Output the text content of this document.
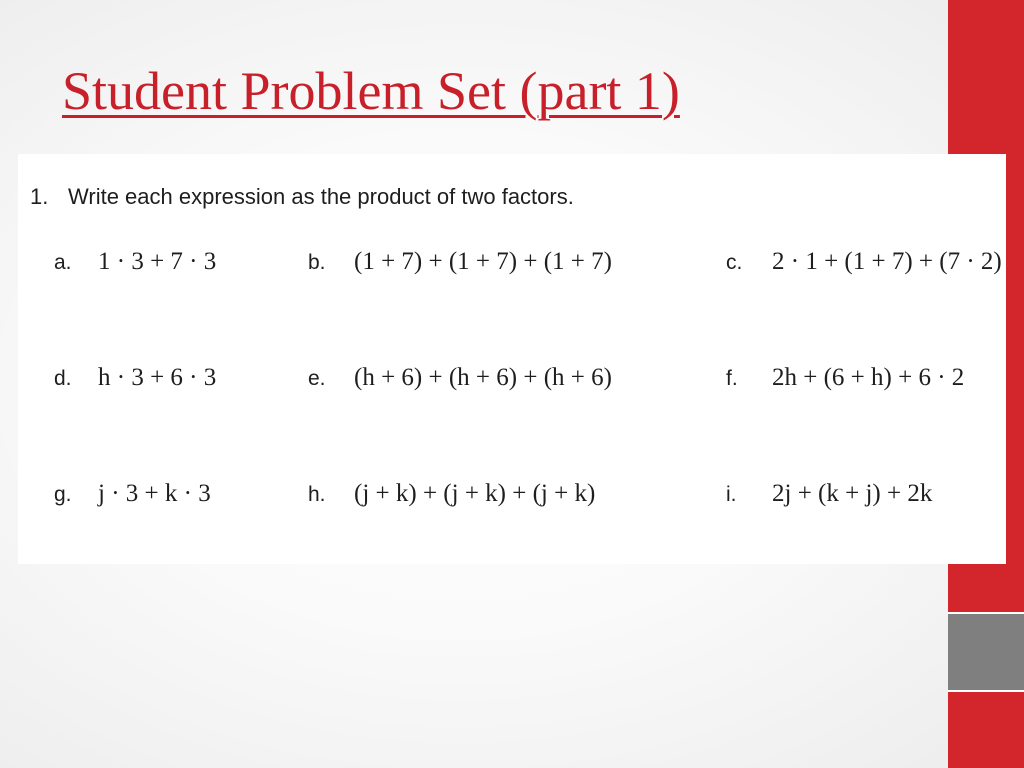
Student Problem Set (part 1)
1. Write each expression as the product of two factors.
a. 1 · 3 + 7 · 3	b. (1 + 7) + (1 + 7) + (1 + 7)	c. 2 · 1 + (1 + 7) + (7 · 2)
d. h · 3 + 6 · 3	e. (h + 6) + (h + 6) + (h + 6)	f. 2h + (6 + h) + 6 · 2
g. j · 3 + k · 3	h. (j + k) + (j + k) + (j + k)	i. 2j + (k + j) + 2k
